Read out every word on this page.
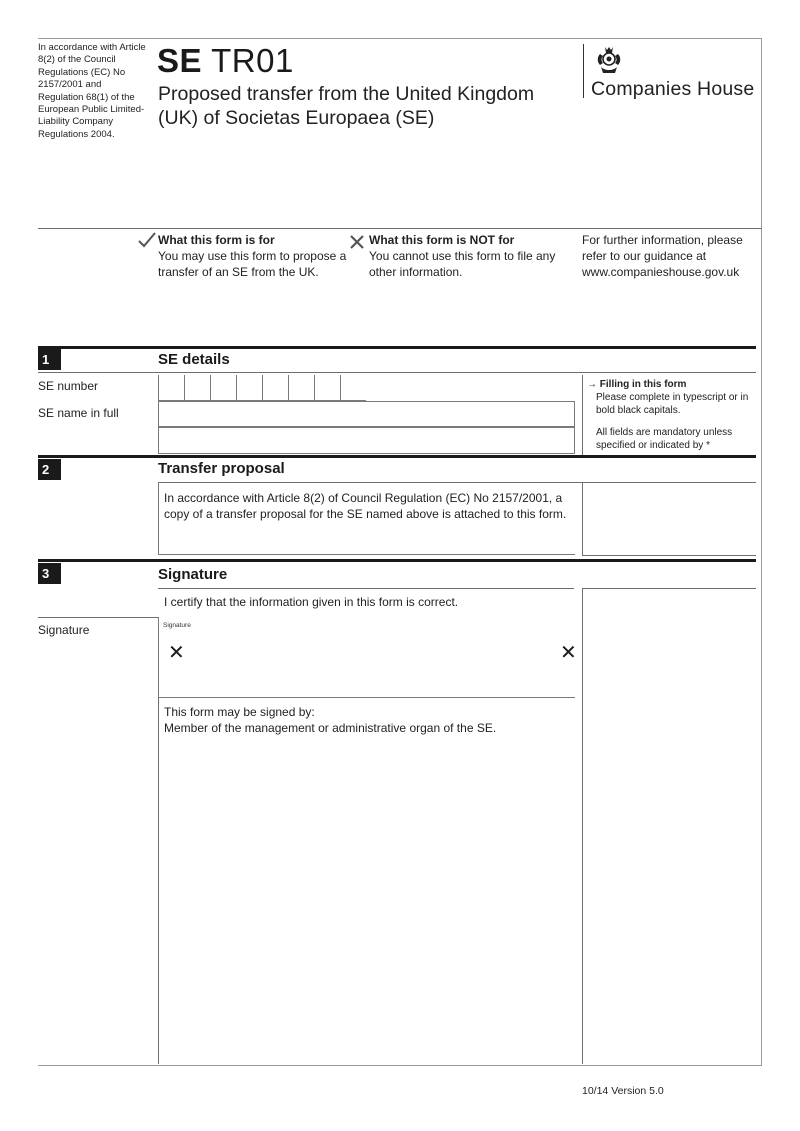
In accordance with Article 8(2) of the Council Regulations (EC) No 2157/2001 and Regulation 68(1) of the European Public Limited-Liability Company Regulations 2004.
SE TR01
Proposed transfer from the United Kingdom (UK) of Societas Europaea (SE)
Companies House
What this form is for
You may use this form to propose a transfer of an SE from the UK.
What this form is NOT for
You cannot use this form to file any other information.
For further information, please refer to our guidance at www.companieshouse.gov.uk
1	SE details
SE number
SE name in full
→ Filling in this form
Please complete in typescript or in bold black capitals.
All fields are mandatory unless specified or indicated by *
2	Transfer proposal
In accordance with Article 8(2) of Council Regulation (EC) No 2157/2001, a copy of a transfer proposal for the SE named above is attached to this form.
3	Signature
I certify that the information given in this form is correct.
Signature	Signature
✕	✕
This form may be signed by:
Member of the management or administrative organ of the SE.
10/14 Version 5.0
